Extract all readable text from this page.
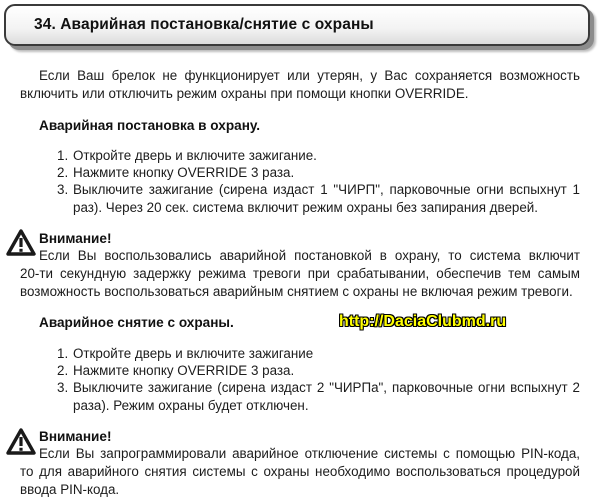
34. Аварийная постановка/снятие с охраны
Если Ваш брелок не функционирует или утерян, у Вас сохраняется возможность
включить или отключить режим охраны при помощи кнопки OVERRIDE.
Аварийная постановка в охрану.
1. Откройте дверь и включите зажигание.
2. Нажмите кнопку OVERRIDE 3 раза.
3. Выключите зажигание (сирена издаст 1 "ЧИРП", парковочные огни вспыхнут 1
раз). Через 20 сек. система включит режим охраны без запирания дверей.
Внимание!
Если Вы воспользовались аварийной постановкой в охрану, то система включит
20-ти секундную задержку режима тревоги при срабатывании, обеспечив тем самым
возможность воспользоваться аварийным снятием с охраны не включая режим тревоги.
Аварийное снятие с охраны.	http://DaciaClubmd.ru
1. Откройте дверь и включите зажигание
2. Нажмите кнопку OVERRIDE 3 раза.
3. Выключите зажигание (сирена издаст 2 "ЧИРПа", парковочные огни вспыхнут 2
раза). Режим охраны будет отключен.
Внимание!
Если Вы запрограммировали аварийное отключение системы с помощью PIN-кода,
то для аварийного снятия системы с охраны необходимо воспользоваться процедурой
ввода PIN-кода.
